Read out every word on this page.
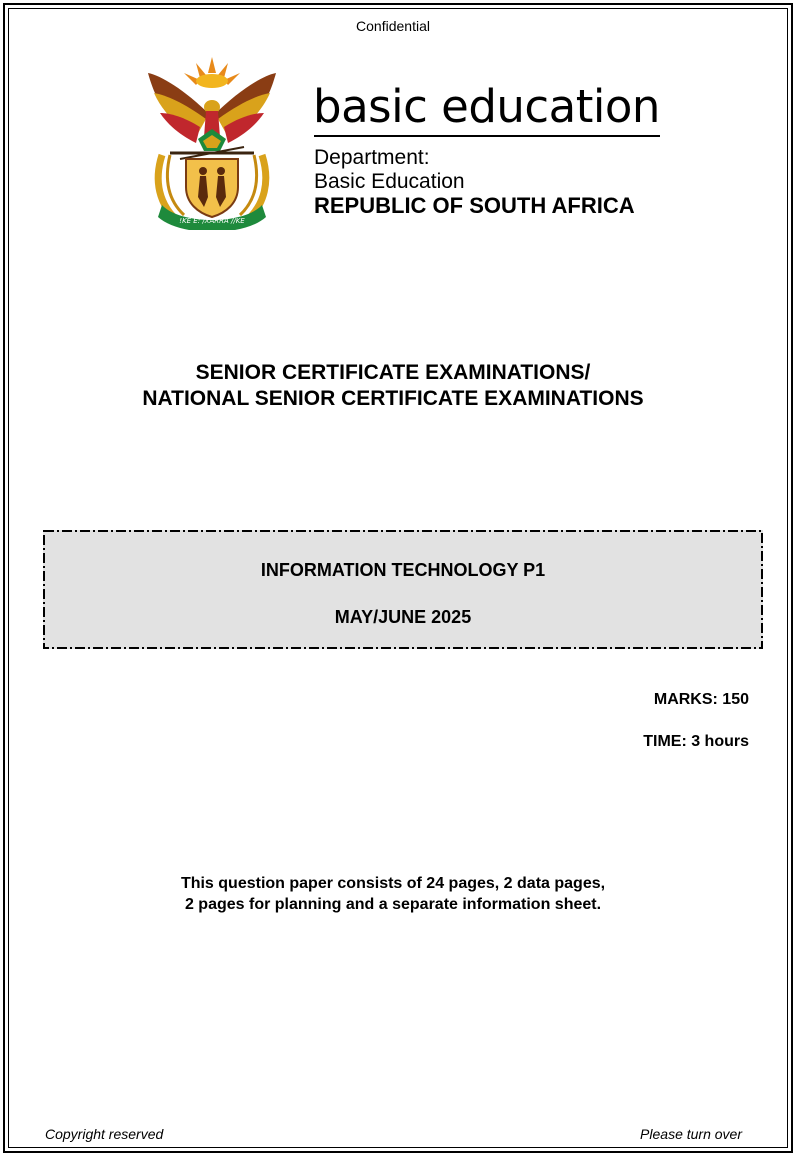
Confidential
!KE E: /XARRA //KE
basic education
Department:
Basic Education
REPUBLIC OF SOUTH AFRICA
SENIOR CERTIFICATE EXAMINATIONS/
NATIONAL SENIOR CERTIFICATE EXAMINATIONS
INFORMATION TECHNOLOGY P1
MAY/JUNE 2025
MARKS: 150
TIME: 3 hours
This question paper consists of 24 pages, 2 data pages,
2 pages for planning and a separate information sheet.
Copyright reserved	Please turn over
